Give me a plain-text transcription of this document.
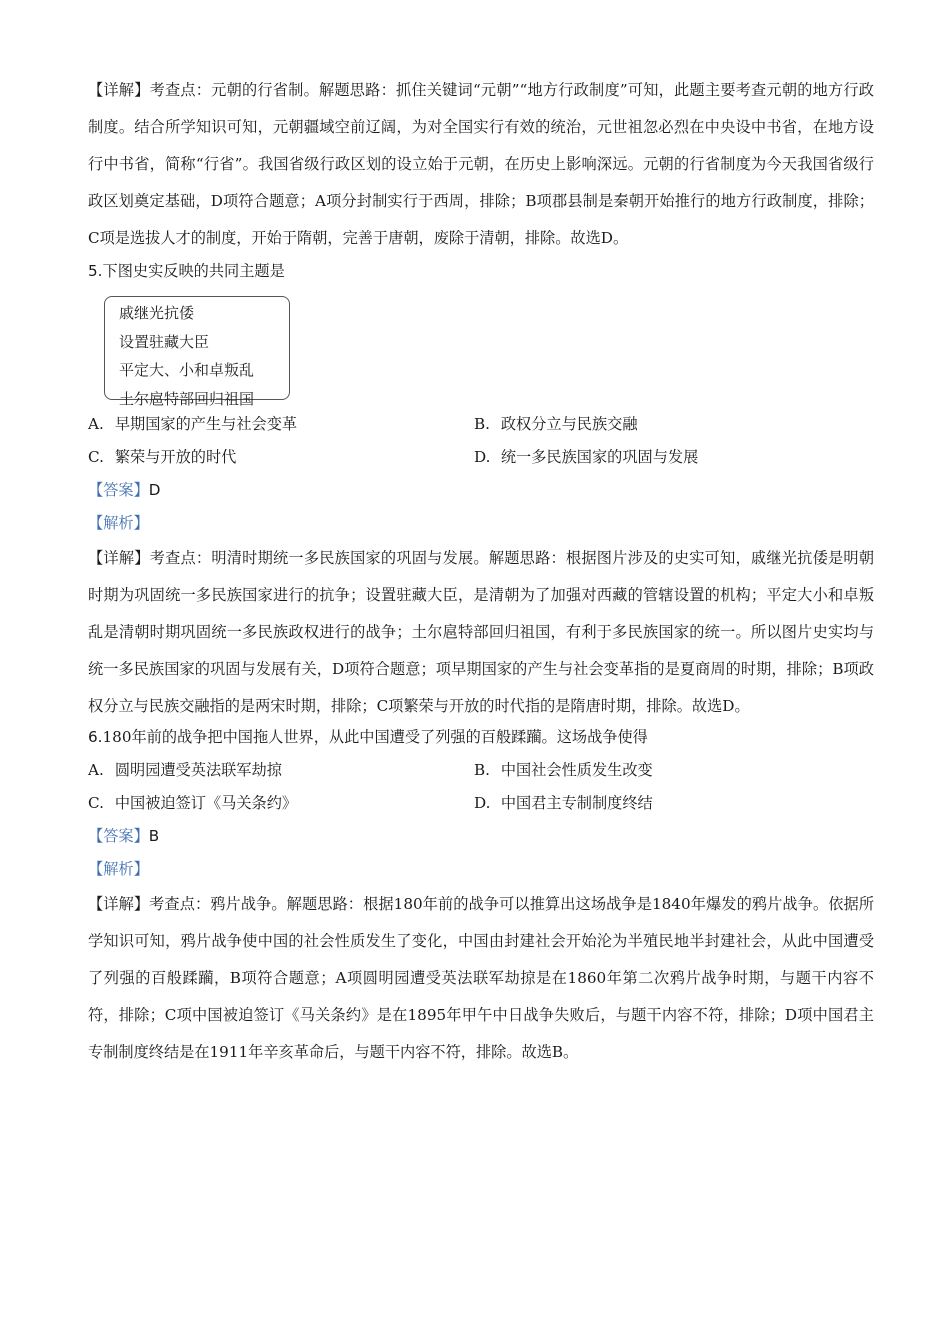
【详解】考查点：元朝的行省制。解题思路：抓住关键词“元朝”“地方行政制度”可知，此题主要考查元朝的地方行政制度。结合所学知识可知，元朝疆域空前辽阔，为对全国实行有效的统治，元世祖忽必烈在中央设中书省，在地方设行中书省，简称“行省”。我国省级行政区划的设立始于元朝，在历史上影响深远。元朝的行省制度为今天我国省级行政区划奠定基础，D项符合题意；A项分封制实行于西周，排除；B项郡县制是秦朝开始推行的地方行政制度，排除；C项是选拔人才的制度，开始于隋朝，完善于唐朝，废除于清朝，排除。故选D。

5.下图史实反映的共同主题是

戚继光抗倭
设置驻藏大臣
平定大、小和卓叛乱
土尔扈特部回归祖国
A. 早期国家的产生与社会变革	B. 政权分立与民族交融
C. 繁荣与开放的时代	D. 统一多民族国家的巩固与发展

【答案】D

【解析】

【详解】考查点：明清时期统一多民族国家的巩固与发展。解题思路：根据图片涉及的史实可知，戚继光抗倭是明朝时期为巩固统一多民族国家进行的抗争；设置驻藏大臣，是清朝为了加强对西藏的管辖设置的机构；平定大小和卓叛乱是清朝时期巩固统一多民族政权进行的战争；土尔扈特部回归祖国，有利于多民族国家的统一。所以图片史实均与统一多民族国家的巩固与发展有关，D项符合题意；项早期国家的产生与社会变革指的是夏商周的时期，排除；B项政权分立与民族交融指的是两宋时期，排除；C项繁荣与开放的时代指的是隋唐时期，排除。故选D。

6.180年前的战争把中国拖人世界，从此中国遭受了列强的百般蹂躏。这场战争使得

A. 圆明园遭受英法联军劫掠	B. 中国社会性质发生改变
C. 中国被迫签订《马关条约》	D. 中国君主专制制度终结

【答案】B

【解析】

【详解】考查点：鸦片战争。解题思路：根据180年前的战争可以推算出这场战争是1840年爆发的鸦片战争。依据所学知识可知，鸦片战争使中国的社会性质发生了变化，中国由封建社会开始沦为半殖民地半封建社会，从此中国遭受了列强的百般蹂躏，B项符合题意；A项圆明园遭受英法联军劫掠是在1860年第二次鸦片战争时期，与题干内容不符，排除；C项中国被迫签订《马关条约》是在1895年甲午中日战争失败后，与题干内容不符，排除；D项中国君主专制制度终结是在1911年辛亥革命后，与题干内容不符，排除。故选B。
